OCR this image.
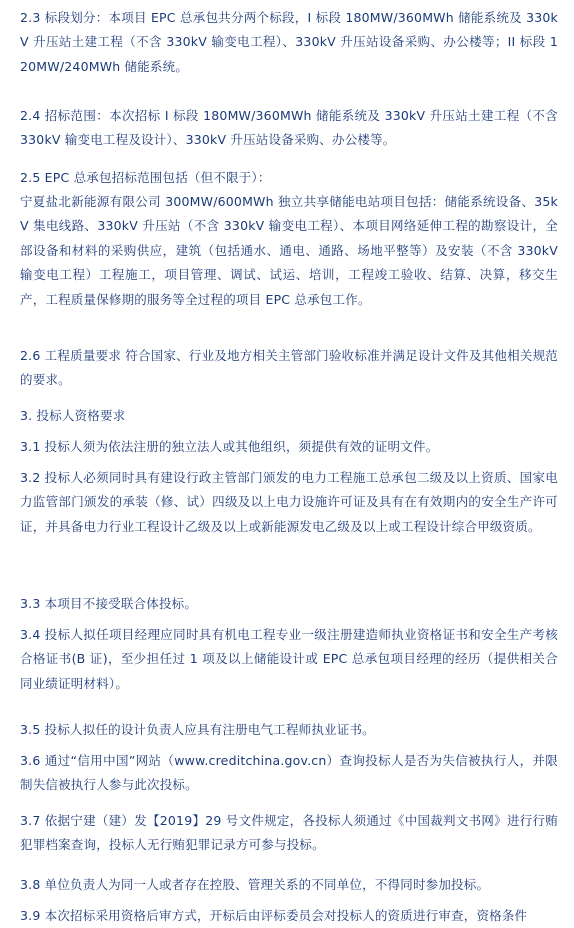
2.3 标段划分：本项目 EPC 总承包共分两个标段，I 标段 180MW/360MWh 储能系统及 330kV 升压站土建工程（不含 330kV 输变电工程）、330kV 升压站设备采购、办公楼等；II 标段 120MW/240MWh 储能系统。

2.4 招标范围：本次招标 I 标段 180MW/360MWh 储能系统及 330kV 升压站土建工程（不含 330kV 输变电工程及设计）、330kV 升压站设备采购、办公楼等。

2.5 EPC 总承包招标范围包括（但不限于）：

宁夏盐北新能源有限公司 300MW/600MWh 独立共享储能电站项目包括：储能系统设备、35kV 集电线路、330kV 升压站（不含 330kV 输变电工程）、本项目网络延伸工程的勘察设计，全部设备和材料的采购供应，建筑（包括通水、通电、通路、场地平整等）及安装（不含 330kV 输变电工程）工程施工，项目管理、调试、试运、培训，工程竣工验收、结算、决算，移交生产，工程质量保修期的服务等全过程的项目 EPC 总承包工作。

2.6 工程质量要求 符合国家、行业及地方相关主管部门验收标准并满足设计文件及其他相关规范的要求。

3. 投标人资格要求

3.1 投标人须为依法注册的独立法人或其他组织，须提供有效的证明文件。

3.2 投标人必须同时具有建设行政主管部门颁发的电力工程施工总承包二级及以上资质、国家电力监管部门颁发的承装（修、试）四级及以上电力设施许可证及具有在有效期内的安全生产许可证，并具备电力行业工程设计乙级及以上或新能源发电乙级及以上或工程设计综合甲级资质。

3.3 本项目不接受联合体投标。

3.4 投标人拟任项目经理应同时具有机电工程专业一级注册建造师执业资格证书和安全生产考核合格证书(B 证)，至少担任过 1 项及以上储能设计或 EPC 总承包项目经理的经历（提供相关合同业绩证明材料）。

3.5 投标人拟任的设计负责人应具有注册电气工程师执业证书。

3.6 通过“信用中国”网站（www.creditchina.gov.cn）查询投标人是否为失信被执行人，并限制失信被执行人参与此次投标。

3.7 依据宁建（建）发【2019】29 号文件规定，各投标人须通过《中国裁判文书网》进行行贿犯罪档案查询，投标人无行贿犯罪记录方可参与投标。

3.8 单位负责人为同一人或者存在控股、管理关系的不同单位，不得同时参加投标。

3.9 本次招标采用资格后审方式，开标后由评标委员会对投标人的资质进行审查，资格条件
